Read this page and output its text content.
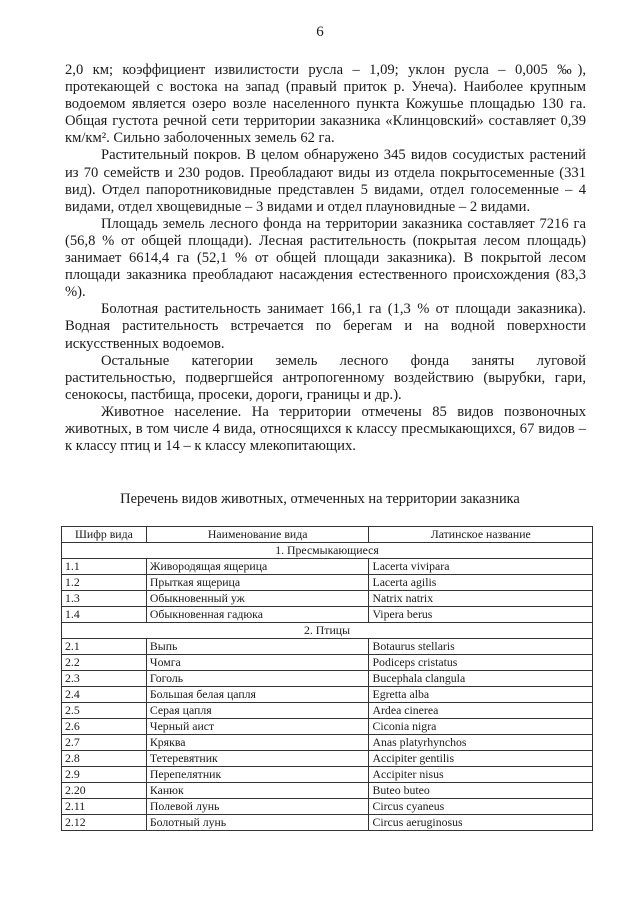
6

2,0 км; коэффициент извилистости русла – 1,09; уклон русла – 0,005 ‰), протекающей с востока на запад (правый приток р. Унеча). Наиболее крупным водоемом является озеро возле населенного пункта Кожушье площадью 130 га. Общая густота речной сети территории заказника «Клинцовский» составляет 0,39 км/км². Сильно заболоченных земель 62 га.

Растительный покров. В целом обнаружено 345 видов сосудистых растений из 70 семейств и 230 родов. Преобладают виды из отдела покрытосеменные (331 вид). Отдел папоротниковидные представлен 5 видами, отдел голосеменные – 4 видами, отдел хвощевидные – 3 видами и отдел плауновидные – 2 видами.

Площадь земель лесного фонда на территории заказника составляет 7216 га (56,8 % от общей площади). Лесная растительность (покрытая лесом площадь) занимает 6614,4 га (52,1 % от общей площади заказника). В покрытой лесом площади заказника преобладают насаждения естественного происхождения (83,3 %).

Болотная растительность занимает 166,1 га (1,3 % от площади заказника). Водная растительность встречается по берегам и на водной поверхности искусственных водоемов.

Остальные категории земель лесного фонда заняты луговой растительностью, подвергшейся антропогенному воздействию (вырубки, гари, сенокосы, пастбища, просеки, дороги, границы и др.).

Животное население. На территории отмечены 85 видов позвоночных животных, в том числе 4 вида, относящихся к классу пресмыкающихся, 67 видов – к классу птиц и 14 – к классу млекопитающих.

Перечень видов животных, отмеченных на территории заказника
Шифр вида	Наименование вида	Латинское название
1. Пресмыкающиеся		
1.1	Живородящая ящерица	Lacerta vivipara
1.2	Прыткая ящерица	Lacerta agilis
1.3	Обыкновенный уж	Natrix natrix
1.4	Обыкновенная гадюка	Vipera berus
2. Птицы		
2.1	Выпь	Botaurus stellaris
2.2	Чомга	Podiceps cristatus
2.3	Гоголь	Bucephala clangula
2.4	Большая белая цапля	Egretta alba
2.5	Серая цапля	Ardea cinerea
2.6	Черный аист	Ciconia nigra
2.7	Кряква	Anas platyrhynchos
2.8	Тетеревятник	Accipiter gentilis
2.9	Перепелятник	Accipiter nisus
2.20	Канюк	Buteo buteo
2.11	Полевой лунь	Circus cyaneus
2.12	Болотный лунь	Circus aeruginosus
